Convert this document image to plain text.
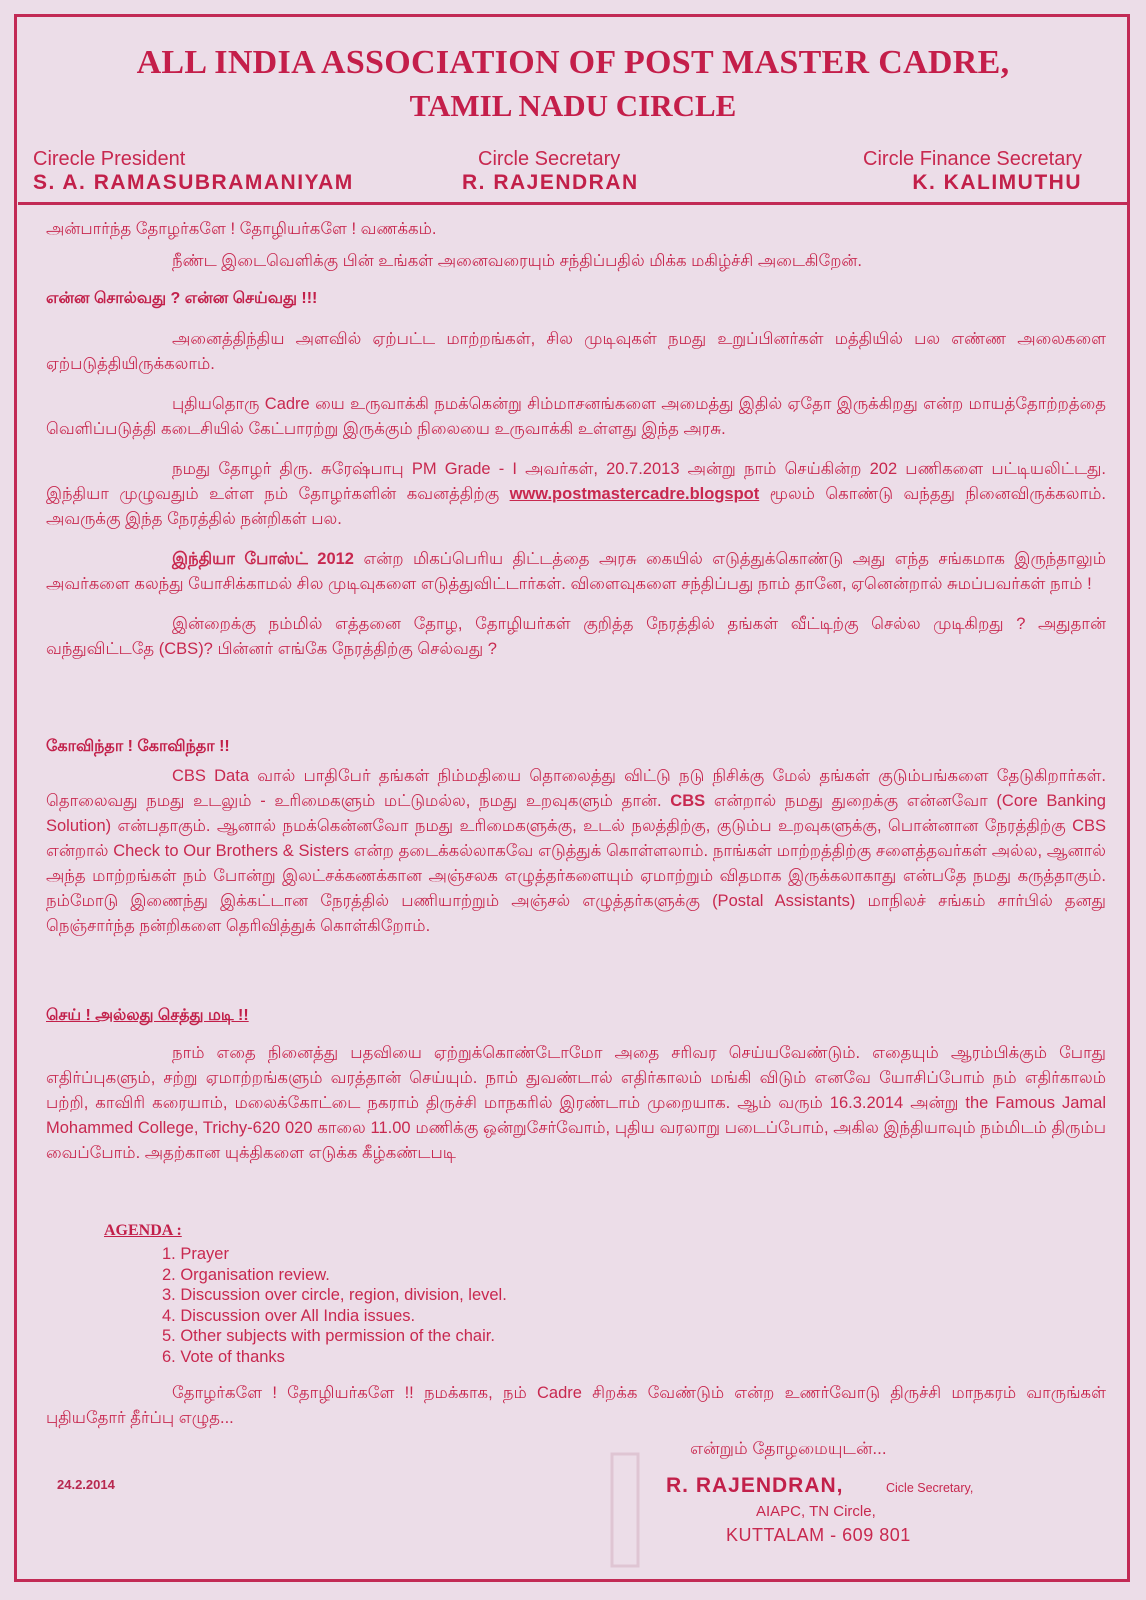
ALL INDIA ASSOCIATION OF POST MASTER CADRE,
TAMIL NADU CIRCLE
Cirecle President
S. A. RAMASUBRAMANIYAM
Circle Secretary
R. RAJENDRAN
Circle Finance Secretary
K. KALIMUTHU

அன்பார்ந்த தோழர்களே ! தோழியர்களே ! வணக்கம்.

நீண்ட இடைவெளிக்கு பின் உங்கள் அனைவரையும் சந்திப்பதில் மிக்க மகிழ்ச்சி அடைகிறேன்.

என்ன சொல்வது ? என்ன செய்வது !!!

அனைத்திந்திய அளவில் ஏற்பட்ட மாற்றங்கள், சில முடிவுகள் நமது உறுப்பினர்கள் மத்தியில் பல எண்ண அலைகளை ஏற்படுத்தியிருக்கலாம்.

புதியதொரு Cadre யை உருவாக்கி நமக்கென்று சிம்மாசனங்களை அமைத்து இதில் ஏதோ இருக்கிறது என்ற மாயத்தோற்றத்தை வெளிப்படுத்தி கடைசியில் கேட்பாரற்று இருக்கும் நிலையை உருவாக்கி உள்ளது இந்த அரசு.

நமது தோழர் திரு. சுரேஷ்பாபு PM Grade - I அவர்கள், 20.7.2013 அன்று நாம் செய்கின்ற 202 பணிகளை பட்டியலிட்டது. இந்தியா முழுவதும் உள்ள நம் தோழர்களின் கவனத்திற்கு www.postmastercadre.blogspot மூலம் கொண்டு வந்தது நினைவிருக்கலாம். அவருக்கு இந்த நேரத்தில் நன்றிகள் பல.

இந்தியா போஸ்ட் 2012 என்ற மிகப்பெரிய திட்டத்தை அரசு கையில் எடுத்துக்கொண்டு அது எந்த சங்கமாக இருந்தாலும் அவர்களை கலந்து யோசிக்காமல் சில முடிவுகளை எடுத்துவிட்டார்கள். விளைவுகளை சந்திப்பது நாம் தானே, ஏனென்றால் சுமப்பவர்கள் நாம் !

இன்றைக்கு நம்மில் எத்தனை தோழ, தோழியர்கள் குறித்த நேரத்தில் தங்கள் வீட்டிற்கு செல்ல முடிகிறது ? அதுதான் வந்துவிட்டதே (CBS)? பின்னர் எங்கே நேரத்திற்கு செல்வது ?

கோவிந்தா ! கோவிந்தா !!

CBS Data வால் பாதிபேர் தங்கள் நிம்மதியை தொலைத்து விட்டு நடு நிசிக்கு மேல் தங்கள் குடும்பங்களை தேடுகிறார்கள். தொலைவது நமது உடலும் - உரிமைகளும் மட்டுமல்ல, நமது உறவுகளும் தான். CBS என்றால் நமது துறைக்கு என்னவோ (Core Banking Solution) என்பதாகும். ஆனால் நமக்கென்னவோ நமது உரிமைகளுக்கு, உடல் நலத்திற்கு, குடும்ப உறவுகளுக்கு, பொன்னான நேரத்திற்கு CBS என்றால் Check to Our Brothers & Sisters என்ற தடைக்கல்லாகவே எடுத்துக் கொள்ளலாம். நாங்கள் மாற்றத்திற்கு சளைத்தவர்கள் அல்ல, ஆனால் அந்த மாற்றங்கள் நம் போன்று இலட்சக்கணக்கான அஞ்சலக எழுத்தர்களையும் ஏமாற்றும் விதமாக இருக்கலாகாது என்பதே நமது கருத்தாகும். நம்மோடு இணைந்து இக்கட்டான நேரத்தில் பணியாற்றும் அஞ்சல் எழுத்தர்களுக்கு (Postal Assistants) மாநிலச் சங்கம் சார்பில் தனது நெஞ்சார்ந்த நன்றிகளை தெரிவித்துக் கொள்கிறோம்.

செய் ! அல்லது செத்து மடி !!

நாம் எதை நினைத்து பதவியை ஏற்றுக்கொண்டோமோ அதை சரிவர செய்யவேண்டும். எதையும் ஆரம்பிக்கும் போது எதிர்ப்புகளும், சற்று ஏமாற்றங்களும் வரத்தான் செய்யும். நாம் துவண்டால் எதிர்காலம் மங்கி விடும் எனவே யோசிப்போம் நம் எதிர்காலம் பற்றி, காவிரி கரையாம், மலைக்கோட்டை நகராம் திருச்சி மாநகரில் இரண்டாம் முறையாக. ஆம் வரும் 16.3.2014 அன்று the Famous Jamal Mohammed College, Trichy-620 020 காலை 11.00 மணிக்கு ஒன்றுசேர்வோம், புதிய வரலாறு படைப்போம், அகில இந்தியாவும் நம்மிடம் திரும்ப வைப்போம். அதற்கான யுக்திகளை எடுக்க கீழ்கண்டபடி

AGENDA :
1. Prayer
2. Organisation review.
3. Discussion over circle, region, division, level.
4. Discussion over All India issues.
5. Other subjects with permission of the chair.
6. Vote of thanks

தோழர்களே ! தோழியர்களே !! நமக்காக, நம் Cadre சிறக்க வேண்டும் என்ற உணர்வோடு திருச்சி மாநகரம் வாருங்கள் புதியதோர் தீர்ப்பு எழுத...

என்றும் தோழமையுடன்...
24.2.2014	R. RAJENDRAN,	Cicle Secretary,
AIAPC, TN Circle,
KUTTALAM - 609 801
